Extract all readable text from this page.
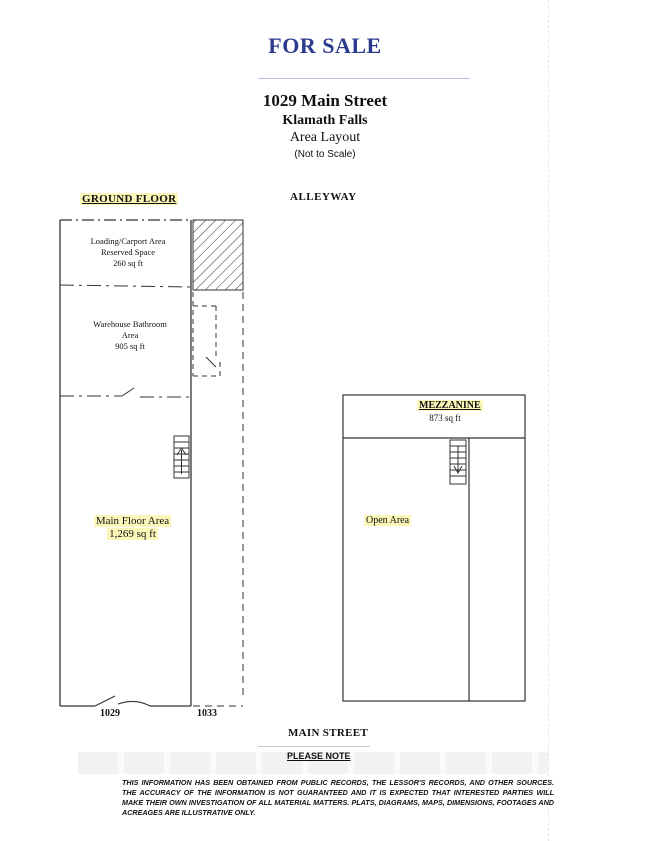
FOR SALE
1029 Main Street
Klamath Falls
Area Layout
(Not to Scale)
GROUND FLOOR	ALLEYWAY
Loading/Carport Area
Reserved Space
260 sq ft
Warehouse Bathroom
Area
905 sq ft
Main Floor Area
1,269 sq ft
MEZZANINE
873 sq ft
Open Area
1029	1033
MAIN STREET
PLEASE NOTE
THIS INFORMATION HAS BEEN OBTAINED FROM PUBLIC RECORDS, THE LESSOR'S RECORDS, AND OTHER SOURCES. THE ACCURACY OF THE INFORMATION IS NOT GUARANTEED AND IT IS EXPECTED THAT INTERESTED PARTIES WILL MAKE THEIR OWN INVESTIGATION OF ALL MATERIAL MATTERS. PLATS, DIAGRAMS, MAPS, DIMENSIONS, FOOTAGES AND ACREAGES ARE ILLUSTRATIVE ONLY.
